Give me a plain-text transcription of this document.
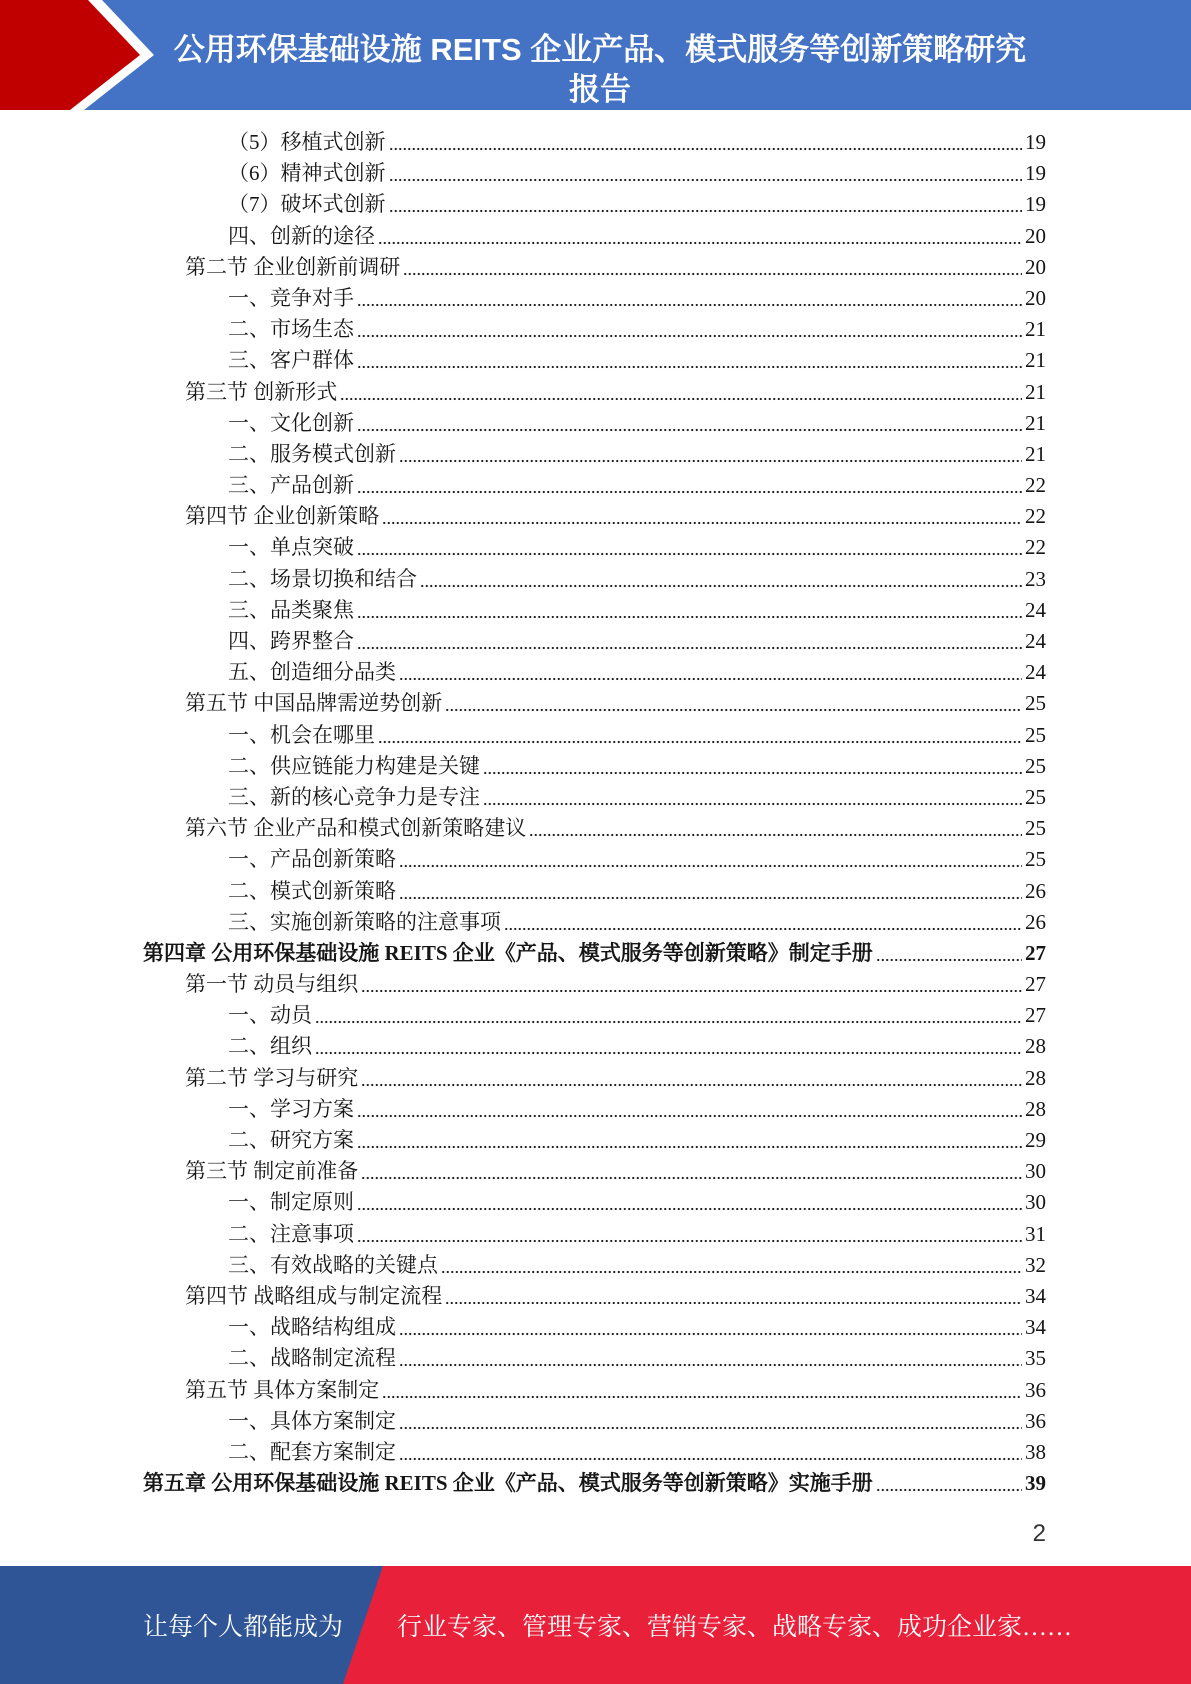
公用环保基础设施 REITS 企业产品、模式服务等创新策略研究
报告
（5）移植式创新	19
（6）精神式创新	19
（7）破坏式创新	19
四、创新的途径	20
第二节 企业创新前调研	20
一、竞争对手	20
二、市场生态	21
三、客户群体	21
第三节 创新形式	21
一、文化创新	21
二、服务模式创新	21
三、产品创新	22
第四节 企业创新策略	22
一、单点突破	22
二、场景切换和结合	23
三、品类聚焦	24
四、跨界整合	24
五、创造细分品类	24
第五节 中国品牌需逆势创新	25
一、机会在哪里	25
二、供应链能力构建是关键	25
三、新的核心竞争力是专注	25
第六节 企业产品和模式创新策略建议	25
一、产品创新策略	25
二、模式创新策略	26
三、实施创新策略的注意事项	26
第四章 公用环保基础设施 REITS 企业《产品、模式服务等创新策略》制定手册	27
第一节 动员与组织	27
一、动员	27
二、组织	28
第二节 学习与研究	28
一、学习方案	28
二、研究方案	29
第三节 制定前准备	30
一、制定原则	30
二、注意事项	31
三、有效战略的关键点	32
第四节 战略组成与制定流程	34
一、战略结构组成	34
二、战略制定流程	35
第五节 具体方案制定	36
一、具体方案制定	36
二、配套方案制定	38
第五章 公用环保基础设施 REITS 企业《产品、模式服务等创新策略》实施手册	39
2
让每个人都能成为 行业专家、管理专家、营销专家、战略专家、成功企业家……
